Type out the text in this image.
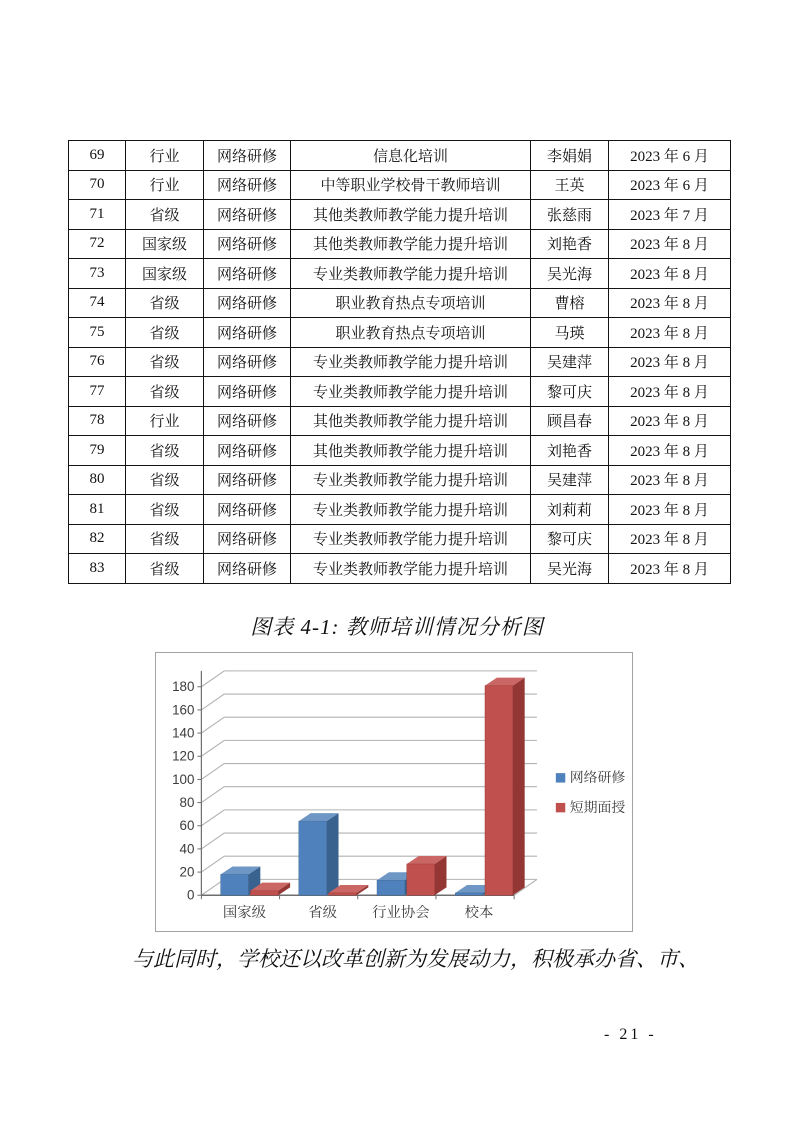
69	行业	网络研修	信息化培训	李娟娟	2023 年 6 月
70	行业	网络研修	中等职业学校骨干教师培训	王英	2023 年 6 月
71	省级	网络研修	其他类教师教学能力提升培训	张慈雨	2023 年 7 月
72	国家级	网络研修	其他类教师教学能力提升培训	刘艳香	2023 年 8 月
73	国家级	网络研修	专业类教师教学能力提升培训	吴光海	2023 年 8 月
74	省级	网络研修	职业教育热点专项培训	曹榕	2023 年 8 月
75	省级	网络研修	职业教育热点专项培训	马瑛	2023 年 8 月
76	省级	网络研修	专业类教师教学能力提升培训	吴建萍	2023 年 8 月
77	省级	网络研修	专业类教师教学能力提升培训	黎可庆	2023 年 8 月
78	行业	网络研修	其他类教师教学能力提升培训	顾昌春	2023 年 8 月
79	省级	网络研修	其他类教师教学能力提升培训	刘艳香	2023 年 8 月
80	省级	网络研修	专业类教师教学能力提升培训	吴建萍	2023 年 8 月
81	省级	网络研修	专业类教师教学能力提升培训	刘莉莉	2023 年 8 月
82	省级	网络研修	专业类教师教学能力提升培训	黎可庆	2023 年 8 月
83	省级	网络研修	专业类教师教学能力提升培训	吴光海	2023 年 8 月
图表 4-1: 教师培训情况分析图
0
20
40
60
80
100
120
140
160
180
国家级	省级 行业协会 校本
网络研修
短期面授

与此同时，学校还以改革创新为发展动力，积极承办省、市、

- 21 -
